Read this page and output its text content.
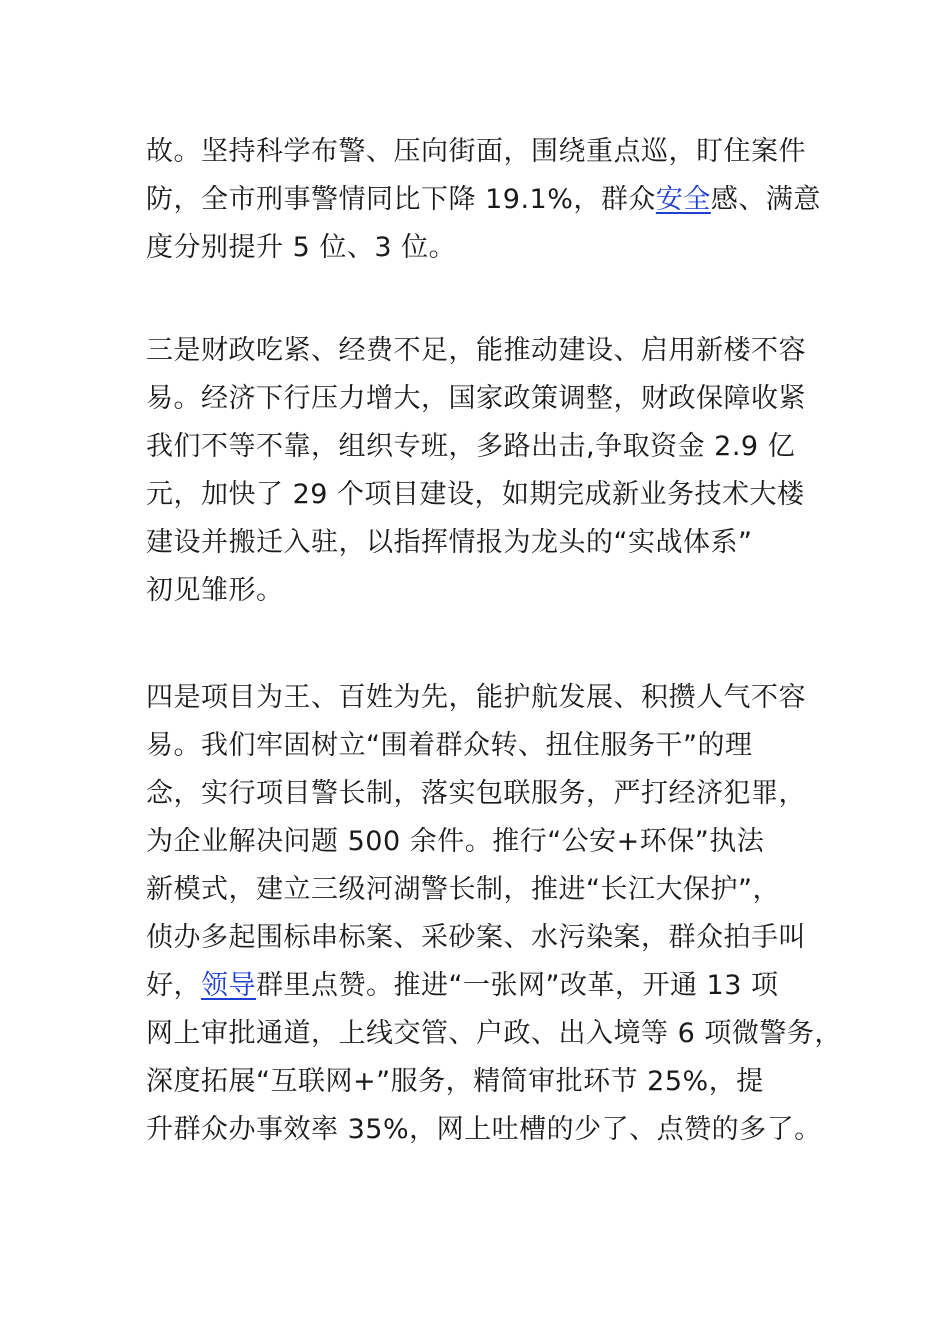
故。坚持科学布警、压向街面，围绕重点巡，盯住案件
防，全市刑事警情同比下降 19.1%，群众安全感、满意
度分别提升 5 位、3 位。
三是财政吃紧、经费不足，能推动建设、启用新楼不容
易。经济下行压力增大，国家政策调整，财政保障收紧
我们不等不靠，组织专班，多路出击,争取资金 2.9 亿
元，加快了 29 个项目建设，如期完成新业务技术大楼
建设并搬迁入驻，以指挥情报为龙头的“实战体系”
初见雏形。
四是项目为王、百姓为先，能护航发展、积攒人气不容
易。我们牢固树立“围着群众转、扭住服务干”的理
念，实行项目警长制，落实包联服务，严打经济犯罪，
为企业解决问题 500 余件。推行“公安+环保”执法
新模式，建立三级河湖警长制，推进“长江大保护”，
侦办多起围标串标案、采砂案、水污染案，群众拍手叫
好，领导群里点赞。推进“一张网”改革，开通 13 项
网上审批通道，上线交管、户政、出入境等 6 项微警务，
深度拓展“互联网+”服务，精简审批环节 25%，提
升群众办事效率 35%，网上吐槽的少了、点赞的多了。
